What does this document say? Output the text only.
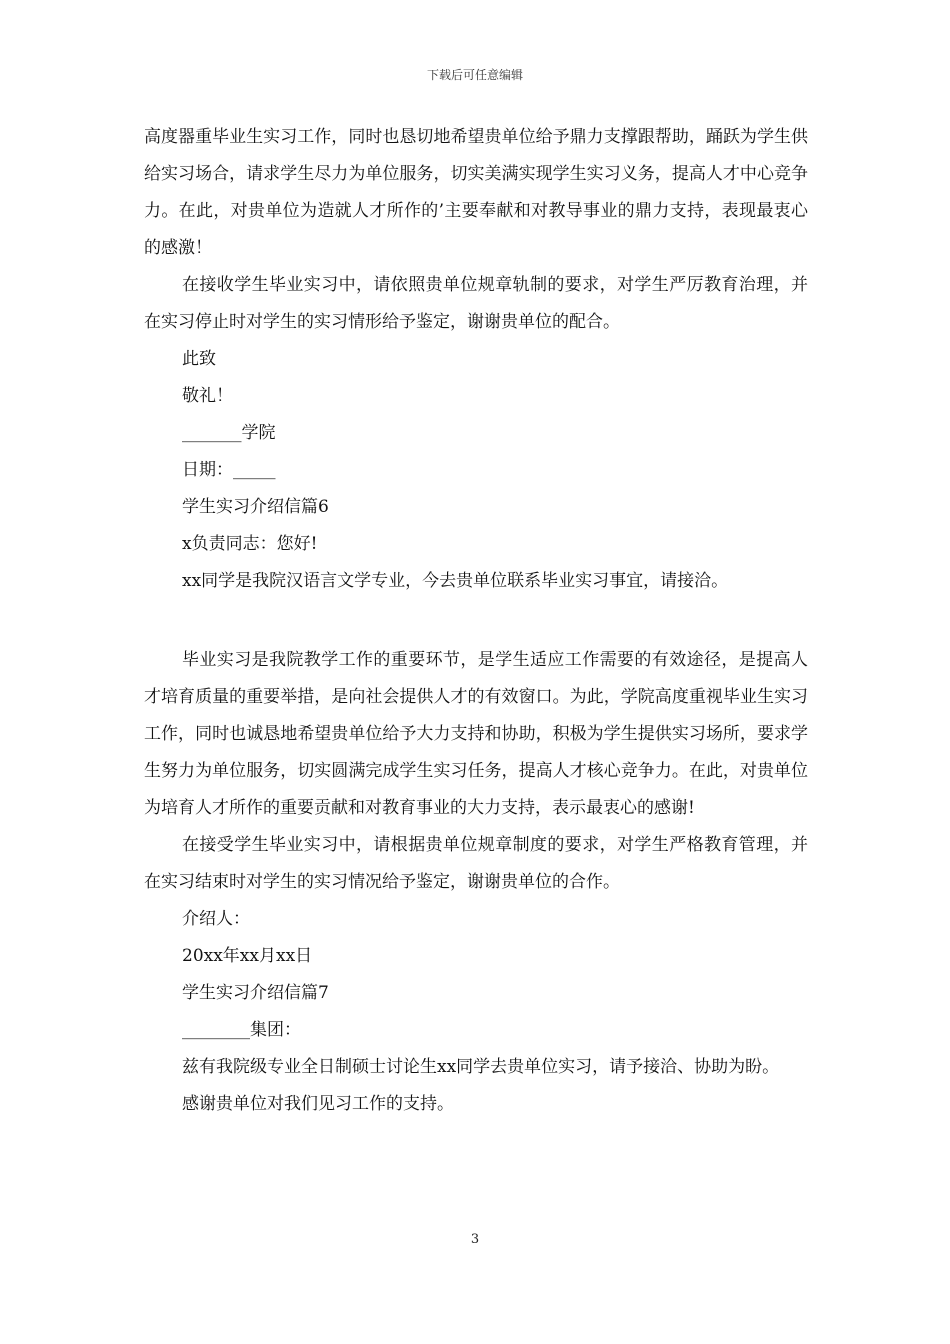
下载后可任意编辑

高度器重毕业生实习工作，同时也恳切地希望贵单位给予鼎力支撑跟帮助，踊跃为学生供给实习场合，请求学生尽力为单位服务，切实美满实现学生实习义务，提高人才中心竞争力。在此，对贵单位为造就人才所作的’主要奉献和对教导事业的鼎力支持，表现最衷心的感激！

在接收学生毕业实习中，请依照贵单位规章轨制的要求，对学生严厉教育治理，并在实习停止时对学生的实习情形给予鉴定，谢谢贵单位的配合。

此致

敬礼！

_______学院

日期：_____

学生实习介绍信篇6

x负责同志：您好!

xx同学是我院汉语言文学专业，今去贵单位联系毕业实习事宜，请接洽。

毕业实习是我院教学工作的重要环节，是学生适应工作需要的有效途径，是提高人才培育质量的重要举措，是向社会提供人才的有效窗口。为此，学院高度重视毕业生实习工作，同时也诚恳地希望贵单位给予大力支持和协助，积极为学生提供实习场所，要求学生努力为单位服务，切实圆满完成学生实习任务，提高人才核心竞争力。在此，对贵单位为培育人才所作的重要贡献和对教育事业的大力支持，表示最衷心的感谢!

在接受学生毕业实习中，请根据贵单位规章制度的要求，对学生严格教育管理，并在实习结束时对学生的实习情况给予鉴定，谢谢贵单位的合作。

介绍人：

20xx年xx月xx日

学生实习介绍信篇7

________集团：

兹有我院级专业全日制硕士讨论生xx同学去贵单位实习，请予接洽、协助为盼。

感谢贵单位对我们见习工作的支持。

3
